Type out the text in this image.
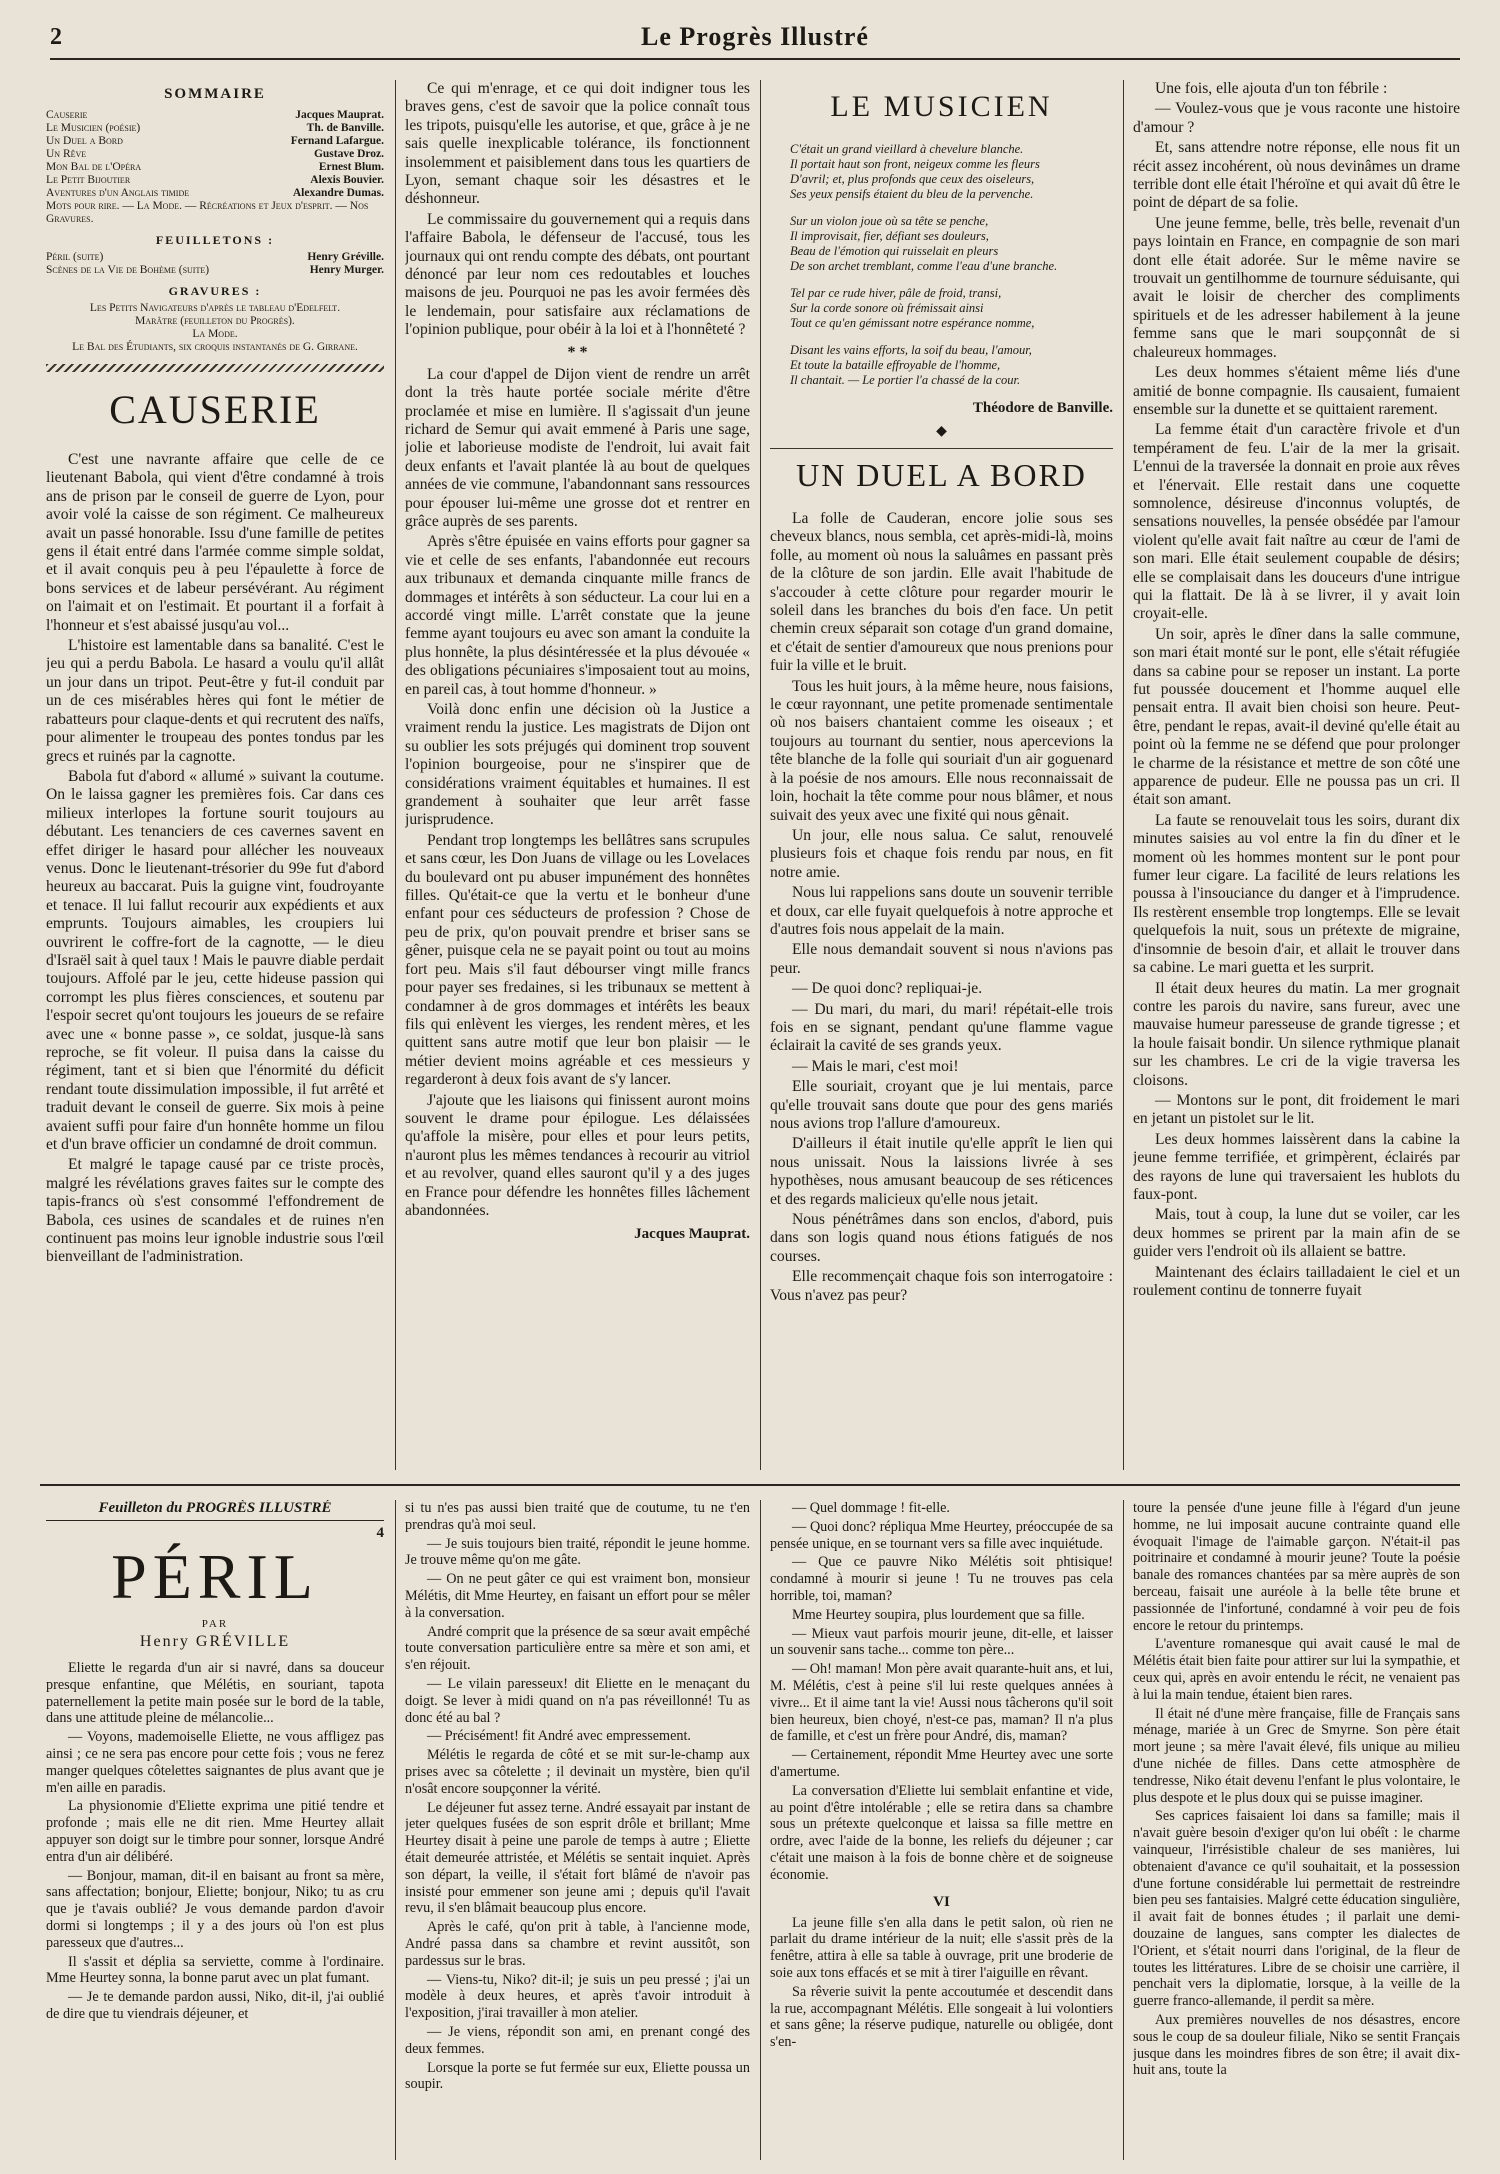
2	Le Progrès Illustré
SOMMAIRE
Causerie	Jacques Mauprat.
Le Musicien (poésie)	Th. de Banville.
Un Duel a Bord	Fernand Lafargue.
Un Rêve	Gustave Droz.
Mon Bal de l'Opéra	Ernest Blum.
Le Petit Bijoutier	Alexis Bouvier.
Aventures d'un Anglais timide	Alexandre Dumas.
Mots pour rire. — La Mode. — Récréations et Jeux d'esprit. — Nos Gravures.
FEUILLETONS :
Péril (suite)	Henry Gréville.
Scènes de la Vie de Bohème (suite)	Henry Murger.
GRAVURES :
Les Petits Navigateurs d'après le tableau d'Edelfelt.
Marâtre (feuilleton du Progrès).
La Mode.
Le Bal des Étudiants, six croquis instantanés de G. Girrane.
CAUSERIE

C'est une navrante affaire que celle de ce lieutenant Babola, qui vient d'être condamné à trois ans de prison par le conseil de guerre de Lyon, pour avoir volé la caisse de son régiment. Ce malheureux avait un passé honorable. Issu d'une famille de petites gens il était entré dans l'armée comme simple soldat, et il avait conquis peu à peu l'épaulette à force de bons services et de labeur persévérant. Au régiment on l'aimait et on l'estimait. Et pourtant il a forfait à l'honneur et s'est abaissé jusqu'au vol...

L'histoire est lamentable dans sa banalité. C'est le jeu qui a perdu Babola. Le hasard a voulu qu'il allât un jour dans un tripot. Peut-être y fut-il conduit par un de ces misérables hères qui font le métier de rabatteurs pour claque-dents et qui recrutent des naïfs, pour alimenter le troupeau des pontes tondus par les grecs et ruinés par la cagnotte.

Babola fut d'abord « allumé » suivant la coutume. On le laissa gagner les premières fois. Car dans ces milieux interlopes la fortune sourit toujours au débutant. Les tenanciers de ces cavernes savent en effet diriger le hasard pour allécher les nouveaux venus. Donc le lieutenant-trésorier du 99e fut d'abord heureux au baccarat. Puis la guigne vint, foudroyante et tenace. Il lui fallut recourir aux expédients et aux emprunts. Toujours aimables, les croupiers lui ouvrirent le coffre-fort de la cagnotte, — le dieu d'Israël sait à quel taux ! Mais le pauvre diable perdait toujours. Affolé par le jeu, cette hideuse passion qui corrompt les plus fières consciences, et soutenu par l'espoir secret qu'ont toujours les joueurs de se refaire avec une « bonne passe », ce soldat, jusque-là sans reproche, se fit voleur. Il puisa dans la caisse du régiment, tant et si bien que l'énormité du déficit rendant toute dissimulation impossible, il fut arrêté et traduit devant le conseil de guerre. Six mois à peine avaient suffi pour faire d'un honnête homme un filou et d'un brave officier un condamné de droit commun.

Et malgré le tapage causé par ce triste procès, malgré les révélations graves faites sur le compte des tapis-francs où s'est consommé l'effondrement de Babola, ces usines de scandales et de ruines n'en continuent pas moins leur ignoble industrie sous l'œil bienveillant de l'administration.

Ce qui m'enrage, et ce qui doit indigner tous les braves gens, c'est de savoir que la police connaît tous les tripots, puisqu'elle les autorise, et que, grâce à je ne sais quelle inexplicable tolérance, ils fonctionnent insolemment et paisiblement dans tous les quartiers de Lyon, semant chaque soir les désastres et le déshonneur.

Le commissaire du gouvernement qui a requis dans l'affaire Babola, le défenseur de l'accusé, tous les journaux qui ont rendu compte des débats, ont pourtant dénoncé par leur nom ces redoutables et louches maisons de jeu. Pourquoi ne pas les avoir fermées dès le lendemain, pour satisfaire aux réclamations de l'opinion publique, pour obéir à la loi et à l'honnêteté ?

* *

La cour d'appel de Dijon vient de rendre un arrêt dont la très haute portée sociale mérite d'être proclamée et mise en lumière. Il s'agissait d'un jeune richard de Semur qui avait emmené à Paris une sage, jolie et laborieuse modiste de l'endroit, lui avait fait deux enfants et l'avait plantée là au bout de quelques années de vie commune, l'abandonnant sans ressources pour épouser lui-même une grosse dot et rentrer en grâce auprès de ses parents.

Après s'être épuisée en vains efforts pour gagner sa vie et celle de ses enfants, l'abandonnée eut recours aux tribunaux et demanda cinquante mille francs de dommages et intérêts à son séducteur. La cour lui en a accordé vingt mille. L'arrêt constate que la jeune femme ayant toujours eu avec son amant la conduite la plus honnête, la plus désintéressée et la plus dévouée « des obligations pécuniaires s'imposaient tout au moins, en pareil cas, à tout homme d'honneur. »

Voilà donc enfin une décision où la Justice a vraiment rendu la justice. Les magistrats de Dijon ont su oublier les sots préjugés qui dominent trop souvent l'opinion bourgeoise, pour ne s'inspirer que de considérations vraiment équitables et humaines. Il est grandement à souhaiter que leur arrêt fasse jurisprudence.

Pendant trop longtemps les bellâtres sans scrupules et sans cœur, les Don Juans de village ou les Lovelaces du boulevard ont pu abuser impunément des honnêtes filles. Qu'était-ce que la vertu et le bonheur d'une enfant pour ces séducteurs de profession ? Chose de peu de prix, qu'on pouvait prendre et briser sans se gêner, puisque cela ne se payait point ou tout au moins fort peu. Mais s'il faut débourser vingt mille francs pour payer ses fredaines, si les tribunaux se mettent à condamner à de gros dommages et intérêts les beaux fils qui enlèvent les vierges, les rendent mères, et les quittent sans autre motif que leur bon plaisir — le métier devient moins agréable et ces messieurs y regarderont à deux fois avant de s'y lancer.

J'ajoute que les liaisons qui finissent auront moins souvent le drame pour épilogue. Les délaissées qu'affole la misère, pour elles et pour leurs petits, n'auront plus les mêmes tendances à recourir au vitriol et au revolver, quand elles sauront qu'il y a des juges en France pour défendre les honnêtes filles lâchement abandonnées.

Jacques Mauprat.
LE MUSICIEN
C'était un grand vieillard à chevelure blanche.
Il portait haut son front, neigeux comme les fleurs
D'avril; et, plus profonds que ceux des oiseleurs,
Ses yeux pensifs étaient du bleu de la pervenche.
Sur un violon joue où sa tête se penche,
Il improvisait, fier, défiant ses douleurs,
Beau de l'émotion qui ruisselait en pleurs
De son archet tremblant, comme l'eau d'une branche.
Tel par ce rude hiver, pâle de froid, transi,
Sur la corde sonore où frémissait ainsi
Tout ce qu'en gémissant notre espérance nomme,
Disant les vains efforts, la soif du beau, l'amour,
Et toute la bataille effroyable de l'homme,
Il chantait. — Le portier l'a chassé de la cour.
Théodore de Banville.
◆
UN DUEL A BORD

La folle de Cauderan, encore jolie sous ses cheveux blancs, nous sembla, cet après-midi-là, moins folle, au moment où nous la saluâmes en passant près de la clôture de son jardin. Elle avait l'habitude de s'accouder à cette clôture pour regarder mourir le soleil dans les branches du bois d'en face. Un petit chemin creux séparait son cotage d'un grand domaine, et c'était de sentier d'amoureux que nous prenions pour fuir la ville et le bruit.

Tous les huit jours, à la même heure, nous faisions, le cœur rayonnant, une petite promenade sentimentale où nos baisers chantaient comme les oiseaux ; et toujours au tournant du sentier, nous apercevions la tête blanche de la folle qui souriait d'un air goguenard à la poésie de nos amours. Elle nous reconnaissait de loin, hochait la tête comme pour nous blâmer, et nous suivait des yeux avec une fixité qui nous gênait.

Un jour, elle nous salua. Ce salut, renouvelé plusieurs fois et chaque fois rendu par nous, en fit notre amie.

Nous lui rappelions sans doute un souvenir terrible et doux, car elle fuyait quelquefois à notre approche et d'autres fois nous appelait de la main.

Elle nous demandait souvent si nous n'avions pas peur.

— De quoi donc? repliquai-je.

— Du mari, du mari, du mari! répétait-elle trois fois en se signant, pendant qu'une flamme vague éclairait la cavité de ses grands yeux.

— Mais le mari, c'est moi!

Elle souriait, croyant que je lui mentais, parce qu'elle trouvait sans doute que pour des gens mariés nous avions trop l'allure d'amoureux.

D'ailleurs il était inutile qu'elle apprît le lien qui nous unissait. Nous la laissions livrée à ses hypothèses, nous amusant beaucoup de ses réticences et des regards malicieux qu'elle nous jetait.

Nous pénétrâmes dans son enclos, d'abord, puis dans son logis quand nous étions fatigués de nos courses.

Elle recommençait chaque fois son interrogatoire : Vous n'avez pas peur?

Une fois, elle ajouta d'un ton fébrile :

— Voulez-vous que je vous raconte une histoire d'amour ?

Et, sans attendre notre réponse, elle nous fit un récit assez incohérent, où nous devinâmes un drame terrible dont elle était l'héroïne et qui avait dû être le point de départ de sa folie.

Une jeune femme, belle, très belle, revenait d'un pays lointain en France, en compagnie de son mari dont elle était adorée. Sur le même navire se trouvait un gentilhomme de tournure séduisante, qui avait le loisir de chercher des compliments spirituels et de les adresser habilement à la jeune femme sans que le mari soupçonnât de si chaleureux hommages.

Les deux hommes s'étaient même liés d'une amitié de bonne compagnie. Ils causaient, fumaient ensemble sur la dunette et se quittaient rarement.

La femme était d'un caractère frivole et d'un tempérament de feu. L'air de la mer la grisait. L'ennui de la traversée la donnait en proie aux rêves et l'énervait. Elle restait dans une coquette somnolence, désireuse d'inconnus voluptés, de sensations nouvelles, la pensée obsédée par l'amour violent qu'elle avait fait naître au cœur de l'ami de son mari. Elle était seulement coupable de désirs; elle se complaisait dans les douceurs d'une intrigue qui la flattait. De là à se livrer, il y avait loin croyait-elle.

Un soir, après le dîner dans la salle commune, son mari était monté sur le pont, elle s'était réfugiée dans sa cabine pour se reposer un instant. La porte fut poussée doucement et l'homme auquel elle pensait entra. Il avait bien choisi son heure. Peut-être, pendant le repas, avait-il deviné qu'elle était au point où la femme ne se défend que pour prolonger le charme de la résistance et mettre de son côté une apparence de pudeur. Elle ne poussa pas un cri. Il était son amant.

La faute se renouvelait tous les soirs, durant dix minutes saisies au vol entre la fin du dîner et le moment où les hommes montent sur le pont pour fumer leur cigare. La facilité de leurs relations les poussa à l'insouciance du danger et à l'imprudence. Ils restèrent ensemble trop longtemps. Elle se levait quelquefois la nuit, sous un prétexte de migraine, d'insomnie de besoin d'air, et allait le trouver dans sa cabine. Le mari guetta et les surprit.

Il était deux heures du matin. La mer grognait contre les parois du navire, sans fureur, avec une mauvaise humeur paresseuse de grande tigresse ; et la houle faisait bondir. Un silence rythmique planait sur les chambres. Le cri de la vigie traversa les cloisons.

— Montons sur le pont, dit froidement le mari en jetant un pistolet sur le lit.

Les deux hommes laissèrent dans la cabine la jeune femme terrifiée, et grimpèrent, éclairés par des rayons de lune qui traversaient les hublots du faux-pont.

Mais, tout à coup, la lune dut se voiler, car les deux hommes se prirent par la main afin de se guider vers l'endroit où ils allaient se battre.

Maintenant des éclairs tailladaient le ciel et un roulement continu de tonnerre fuyait

Feuilleton du PROGRÈS ILLUSTRÉ
4
PÉRIL
PAR
Henry GRÉVILLE

Eliette le regarda d'un air si navré, dans sa douceur presque enfantine, que Mélétis, en souriant, tapota paternellement la petite main posée sur le bord de la table, dans une attitude pleine de mélancolie...

— Voyons, mademoiselle Eliette, ne vous affligez pas ainsi ; ce ne sera pas encore pour cette fois ; vous ne ferez manger quelques côtelettes saignantes de plus avant que je m'en aille en paradis.

La physionomie d'Eliette exprima une pitié tendre et profonde ; mais elle ne dit rien. Mme Heurtey allait appuyer son doigt sur le timbre pour sonner, lorsque André entra d'un air délibéré.

— Bonjour, maman, dit-il en baisant au front sa mère, sans affectation; bonjour, Eliette; bonjour, Niko; tu as cru que je t'avais oublié? Je vous demande pardon d'avoir dormi si longtemps ; il y a des jours où l'on est plus paresseux que d'autres...

Il s'assit et déplia sa serviette, comme à l'ordinaire. Mme Heurtey sonna, la bonne parut avec un plat fumant.

— Je te demande pardon aussi, Niko, dit-il, j'ai oublié de dire que tu viendrais déjeuner, et

si tu n'es pas aussi bien traité que de coutume, tu ne t'en prendras qu'à moi seul.

— Je suis toujours bien traité, répondit le jeune homme. Je trouve même qu'on me gâte.

— On ne peut gâter ce qui est vraiment bon, monsieur Mélétis, dit Mme Heurtey, en faisant un effort pour se mêler à la conversation.

André comprit que la présence de sa sœur avait empêché toute conversation particulière entre sa mère et son ami, et s'en réjouit.

— Le vilain paresseux! dit Eliette en le menaçant du doigt. Se lever à midi quand on n'a pas réveillonné! Tu as donc été au bal ?

— Précisément! fit André avec empressement.

Mélétis le regarda de côté et se mit sur-le-champ aux prises avec sa côtelette ; il devinait un mystère, bien qu'il n'osât encore soupçonner la vérité.

Le déjeuner fut assez terne. André essayait par instant de jeter quelques fusées de son esprit drôle et brillant; Mme Heurtey disait à peine une parole de temps à autre ; Eliette était demeurée attristée, et Mélétis se sentait inquiet. Après son départ, la veille, il s'était fort blâmé de n'avoir pas insisté pour emmener son jeune ami ; depuis qu'il l'avait revu, il s'en blâmait beaucoup plus encore.

Après le café, qu'on prit à table, à l'ancienne mode, André passa dans sa chambre et revint aussitôt, son pardessus sur le bras.

— Viens-tu, Niko? dit-il; je suis un peu pressé ; j'ai un modèle à deux heures, et après t'avoir introduit à l'exposition, j'irai travailler à mon atelier.

— Je viens, répondit son ami, en prenant congé des deux femmes.

Lorsque la porte se fut fermée sur eux, Eliette poussa un soupir.

— Quel dommage ! fit-elle.

— Quoi donc? répliqua Mme Heurtey, préoccupée de sa pensée unique, en se tournant vers sa fille avec inquiétude.

— Que ce pauvre Niko Mélétis soit phtisique! condamné à mourir si jeune ! Tu ne trouves pas cela horrible, toi, maman?

Mme Heurtey soupira, plus lourdement que sa fille.

— Mieux vaut parfois mourir jeune, dit-elle, et laisser un souvenir sans tache... comme ton père...

— Oh! maman! Mon père avait quarante-huit ans, et lui, M. Mélétis, c'est à peine s'il lui reste quelques années à vivre... Et il aime tant la vie! Aussi nous tâcherons qu'il soit bien heureux, bien choyé, n'est-ce pas, maman? Il n'a plus de famille, et c'est un frère pour André, dis, maman?

— Certainement, répondit Mme Heurtey avec une sorte d'amertume.

La conversation d'Eliette lui semblait enfantine et vide, au point d'être intolérable ; elle se retira dans sa chambre sous un prétexte quelconque et laissa sa fille mettre en ordre, avec l'aide de la bonne, les reliefs du déjeuner ; car c'était une maison à la fois de bonne chère et de soigneuse économie.

VI

La jeune fille s'en alla dans le petit salon, où rien ne parlait du drame intérieur de la nuit; elle s'assit près de la fenêtre, attira à elle sa table à ouvrage, prit une broderie de soie aux tons effacés et se mit à tirer l'aiguille en rêvant.

Sa rêverie suivit la pente accoutumée et descendit dans la rue, accompagnant Mélétis. Elle songeait à lui volontiers et sans gêne; la réserve pudique, naturelle ou obligée, dont s'en-

toure la pensée d'une jeune fille à l'égard d'un jeune homme, ne lui imposait aucune contrainte quand elle évoquait l'image de l'aimable garçon. N'était-il pas poitrinaire et condamné à mourir jeune? Toute la poésie banale des romances chantées par sa mère auprès de son berceau, faisait une auréole à la belle tête brune et passionnée de l'infortuné, condamné à voir peu de fois encore le retour du printemps.

L'aventure romanesque qui avait causé le mal de Mélétis était bien faite pour attirer sur lui la sympathie, et ceux qui, après en avoir entendu le récit, ne venaient pas à lui la main tendue, étaient bien rares.

Il était né d'une mère française, fille de Français sans ménage, mariée à un Grec de Smyrne. Son père était mort jeune ; sa mère l'avait élevé, fils unique au milieu d'une nichée de filles. Dans cette atmosphère de tendresse, Niko était devenu l'enfant le plus volontaire, le plus despote et le plus doux qui se puisse imaginer.

Ses caprices faisaient loi dans sa famille; mais il n'avait guère besoin d'exiger qu'on lui obéît : le charme vainqueur, l'irrésistible chaleur de ses manières, lui obtenaient d'avance ce qu'il souhaitait, et la possession d'une fortune considérable lui permettait de restreindre bien peu ses fantaisies. Malgré cette éducation singulière, il avait fait de bonnes études ; il parlait une demi-douzaine de langues, sans compter les dialectes de l'Orient, et s'était nourri dans l'original, de la fleur de toutes les littératures. Libre de se choisir une carrière, il penchait vers la diplomatie, lorsque, à la veille de la guerre franco-allemande, il perdit sa mère.

Aux premières nouvelles de nos désastres, encore sous le coup de sa douleur filiale, Niko se sentit Français jusque dans les moindres fibres de son être; il avait dix-huit ans, toute la
